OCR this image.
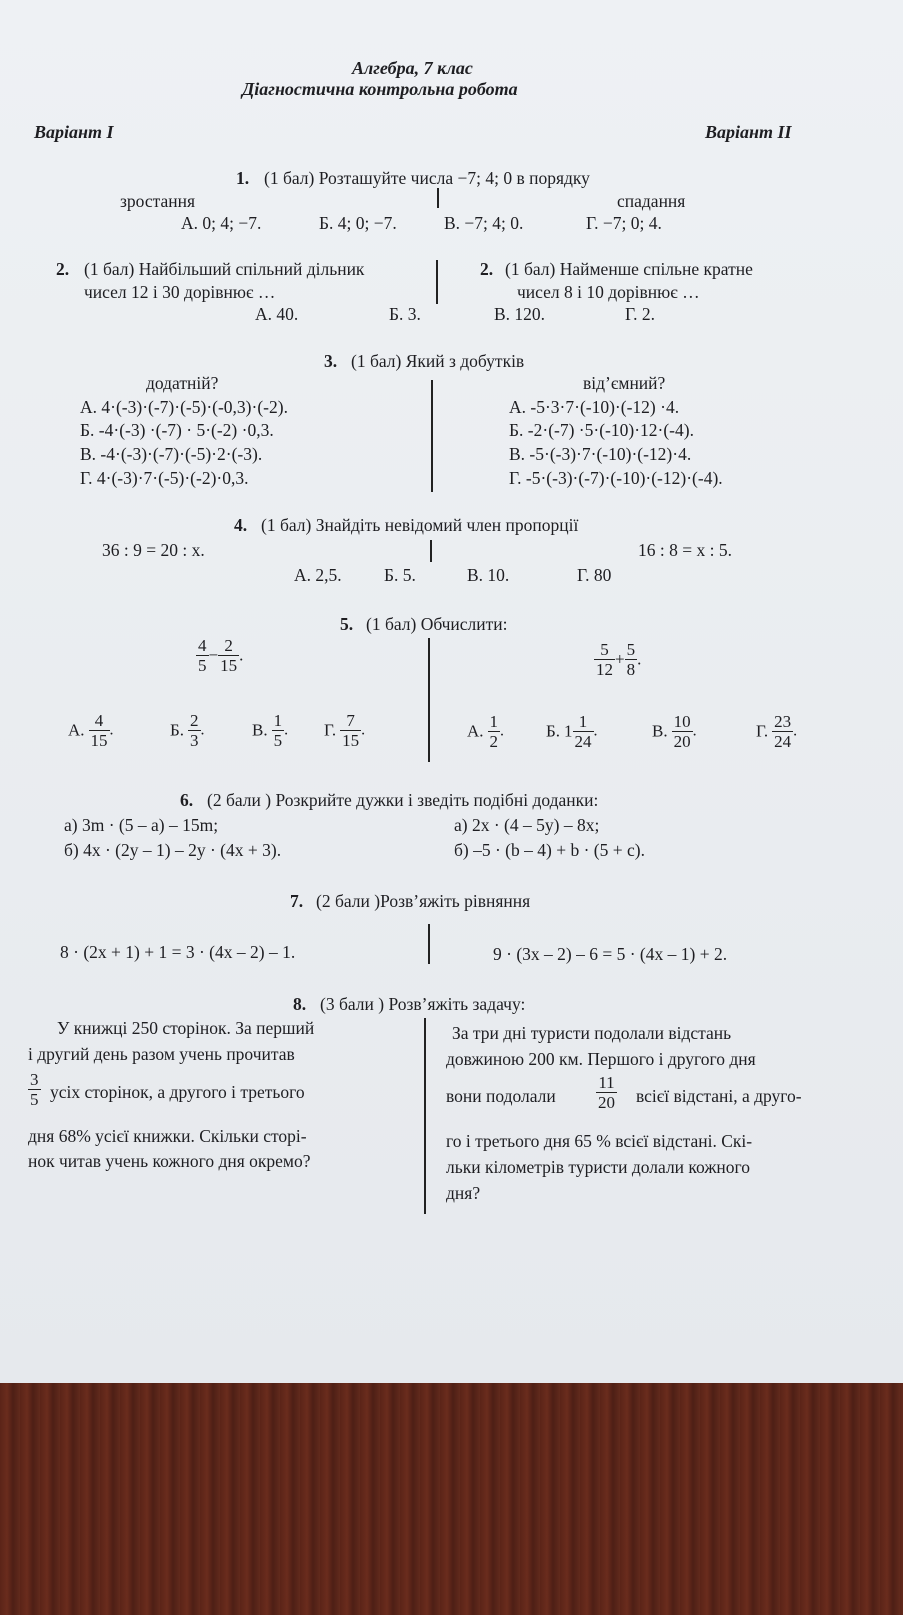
Алгебра, 7 клас
Діагностична контрольна робота
Варіант І	Варіант ІІ
1. (1 бал) Розташуйте числа −7; 4; 0 в порядку
зростання	спадання
А. 0; 4; −7.	Б. 4; 0; −7.	В. −7; 4; 0.	Г. −7; 0; 4.
2. (1 бал) Найбільший спільний дільник
чисел 12 і 30 дорівнює …
2. (1 бал) Найменше спільне кратне
чисел 8 і 10 дорівнює …
А. 40.	Б. 3.	В. 120.	Г. 2.
3. (1 бал) Який з добутків
додатній?	від’ємний?
А. 4·(-3)·(-7)·(-5)·(-0,3)·(-2).
Б. -4·(-3) ·(-7) · 5·(-2) ·0,3.
В. -4·(-3)·(-7)·(-5)·2·(-3).
Г. 4·(-3)·7·(-5)·(-2)·0,3.
А. -5·3·7·(-10)·(-12) ·4.
Б. -2·(-7) ·5·(-10)·12·(-4).
В. -5·(-3)·7·(-10)·(-12)·4.
Г. -5·(-3)·(-7)·(-10)·(-12)·(-4).
4. (1 бал) Знайдіть невідомий член пропорції
36 : 9 = 20 : x.	16 : 8 = x : 5.
А. 2,5. Б. 5.	В. 10.	Г. 80
5. (1 бал) Обчислити:
$\frac{4}{5} - \frac{2}{15}$ .	$\frac{5}{12} + \frac{5}{8}$ .
А. $\frac{4}{15}$ .	Б. $\frac{2}{3}$ .	В. $\frac{1}{5}$ . Г. $\frac{7}{15}$ .	А. $\frac{1}{2}$ . Б. $1 \frac{1}{24}$ .	В. $\frac{10}{20}$ .	Г. $\frac{23}{24}$ .
6. (2 бали ) Розкрийте дужки і зведіть подібні доданки:
а) 3m · (5 – a) – 15m;
б) 4x · (2y – 1) – 2y · (4x + 3).
а) 2x · (4 – 5y) – 8x;
б) –5 · (b – 4) + b · (5 + c).
7. (2 бали )Розв’яжіть рівняння
8 · (2x + 1) + 1 = 3 · (4x – 2) – 1.	9 · (3x – 2) – 6 = 5 · (4x – 1) + 2.
8. (3 бали ) Розв’яжіть задачу:
У книжці 250 сторінок. За перший
і другий день разом учень прочитав
$\frac{3}{5}$ усіх сторінок, а другого і третього
дня 68% усієї книжки. Скільки сторі-
нок читав учень кожного дня окремо?
За три дні туристи подолали відстань
довжиною 200 км. Першого і другого дня
вони подолали $\frac{11}{20}$ всієї відстані, а друго-
го і третього дня 65 % всієї відстані. Скі-
льки кілометрів туристи долали кожного
дня?
